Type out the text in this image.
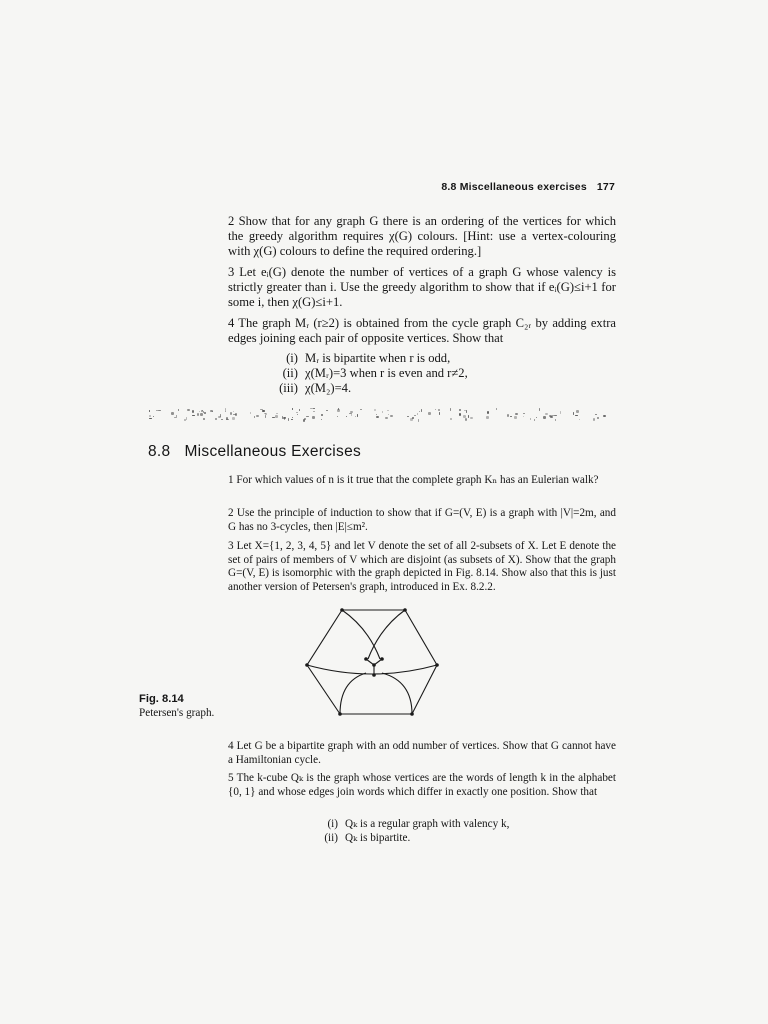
8.8 Miscellaneous exercises 177
2 Show that for any graph G there is an ordering of the vertices for which the greedy algorithm requires χ(G) colours. [Hint: use a vertex-colouring with χ(G) colours to define the required ordering.]
3 Let eᵢ(G) denote the number of vertices of a graph G whose valency is strictly greater than i. Use the greedy algorithm to show that if eᵢ(G)≤i+1 for some i, then χ(G)≤i+1.
4 The graph Mᵣ (r≥2) is obtained from the cycle graph C₂ᵣ by adding extra edges joining each pair of opposite vertices. Show that
(i) Mᵣ is bipartite when r is odd,
(ii) χ(Mᵣ)=3 when r is even and r≠2,
(iii) χ(M₂)=4.
8.8 Miscellaneous Exercises
1 For which values of n is it true that the complete graph Kₙ has an Eulerian walk?
2 Use the principle of induction to show that if G=(V, E) is a graph with |V|=2m, and G has no 3-cycles, then |E|≤m².
3 Let X={1, 2, 3, 4, 5} and let V denote the set of all 2-subsets of X. Let E denote the set of pairs of members of V which are disjoint (as subsets of X). Show that the graph G=(V, E) is isomorphic with the graph depicted in Fig. 8.14. Show also that this is just another version of Petersen's graph, introduced in Ex. 8.2.2.
Fig. 8.14
Petersen's graph.
4 Let G be a bipartite graph with an odd number of vertices. Show that G cannot have a Hamiltonian cycle.
5 The k-cube Qₖ is the graph whose vertices are the words of length k in the alphabet {0, 1} and whose edges join words which differ in exactly one position. Show that
(i) Qₖ is a regular graph with valency k,
(ii) Qₖ is bipartite.
